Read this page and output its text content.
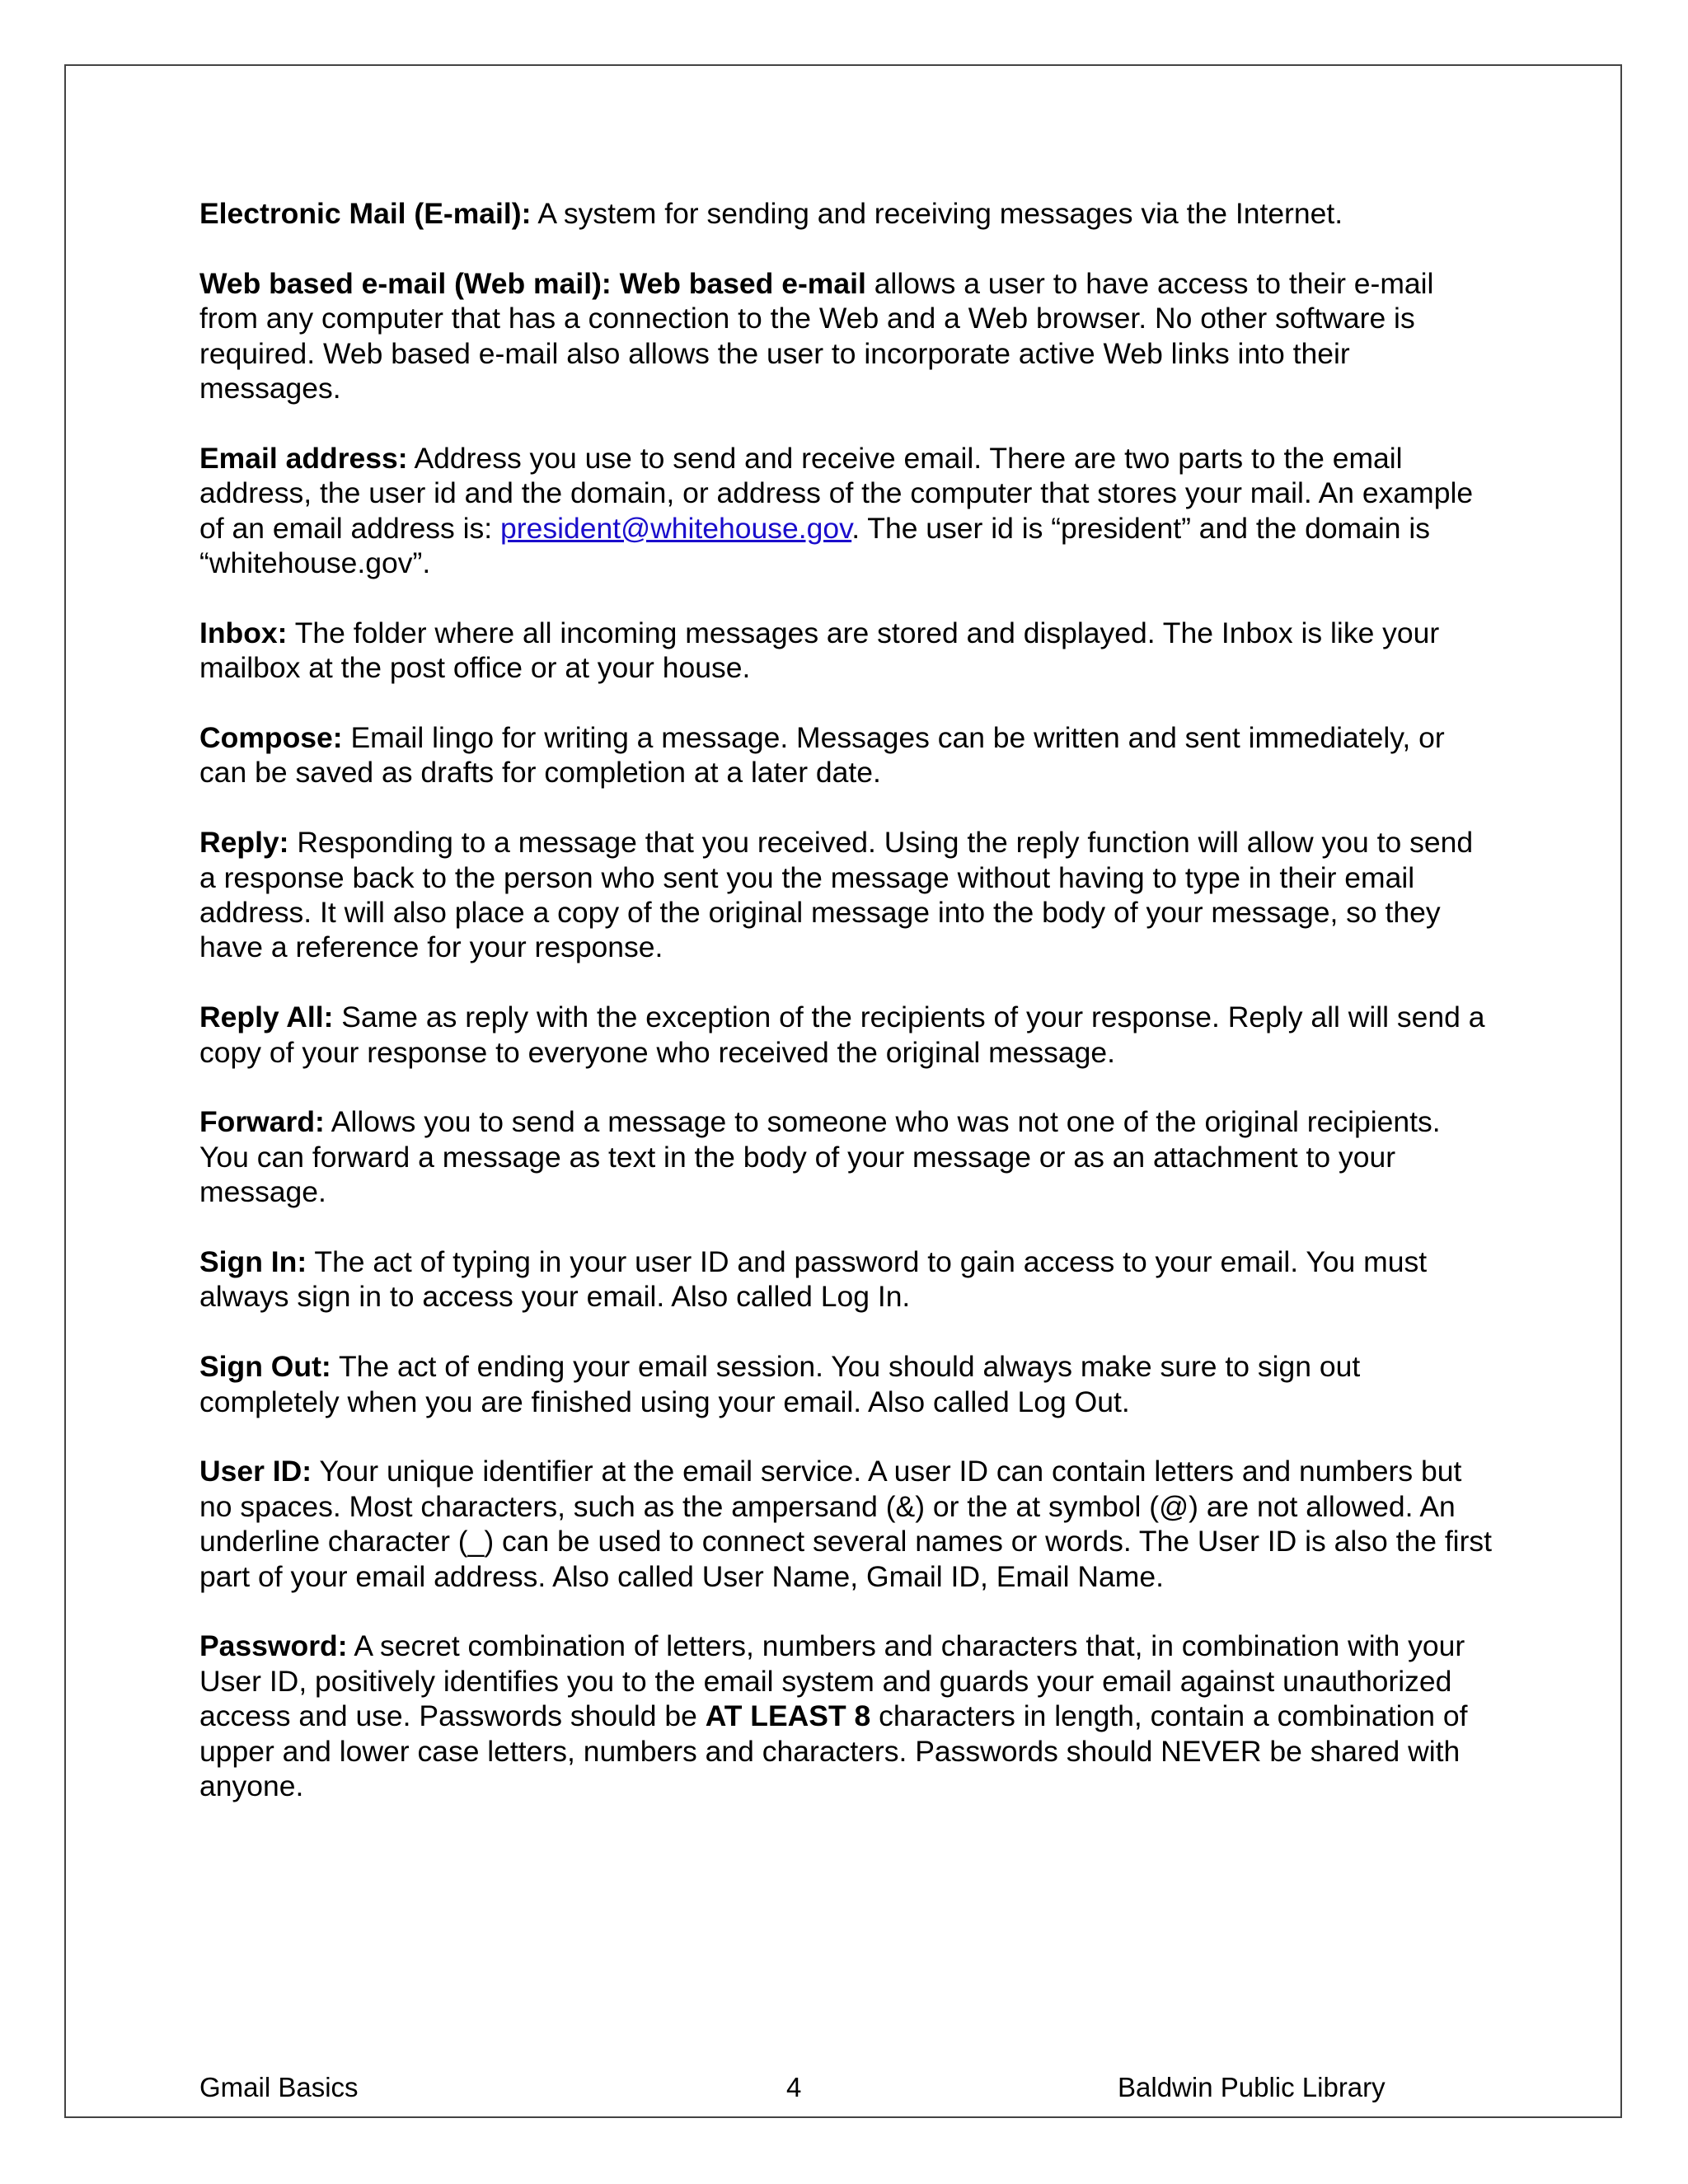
Electronic Mail (E-mail): A system for sending and receiving messages via the Internet.

Web based e-mail (Web mail): Web based e-mail allows a user to have access to their e-mail from any computer that has a connection to the Web and a Web browser. No other software is required. Web based e-mail also allows the user to incorporate active Web links into their messages.

Email address: Address you use to send and receive email. There are two parts to the email address, the user id and the domain, or address of the computer that stores your mail. An example of an email address is: president@whitehouse.gov. The user id is “president” and the domain is “whitehouse.gov”.

Inbox: The folder where all incoming messages are stored and displayed. The Inbox is like your mailbox at the post office or at your house.

Compose: Email lingo for writing a message. Messages can be written and sent immediately, or can be saved as drafts for completion at a later date.

Reply: Responding to a message that you received. Using the reply function will allow you to send a response back to the person who sent you the message without having to type in their email address. It will also place a copy of the original message into the body of your message, so they have a reference for your response.

Reply All: Same as reply with the exception of the recipients of your response. Reply all will send a copy of your response to everyone who received the original message.

Forward: Allows you to send a message to someone who was not one of the original recipients. You can forward a message as text in the body of your message or as an attachment to your message.

Sign In: The act of typing in your user ID and password to gain access to your email. You must always sign in to access your email. Also called Log In.

Sign Out: The act of ending your email session. You should always make sure to sign out completely when you are finished using your email. Also called Log Out.

User ID: Your unique identifier at the email service. A user ID can contain letters and numbers but no spaces. Most characters, such as the ampersand (&) or the at symbol (@) are not allowed. An underline character (_) can be used to connect several names or words. The User ID is also the first part of your email address. Also called User Name, Gmail ID, Email Name.

Password: A secret combination of letters, numbers and characters that, in combination with your User ID, positively identifies you to the email system and guards your email against unauthorized access and use. Passwords should be AT LEAST 8 characters in length, contain a combination of upper and lower case letters, numbers and characters. Passwords should NEVER be shared with anyone.

Gmail Basics	4	Baldwin Public Library
